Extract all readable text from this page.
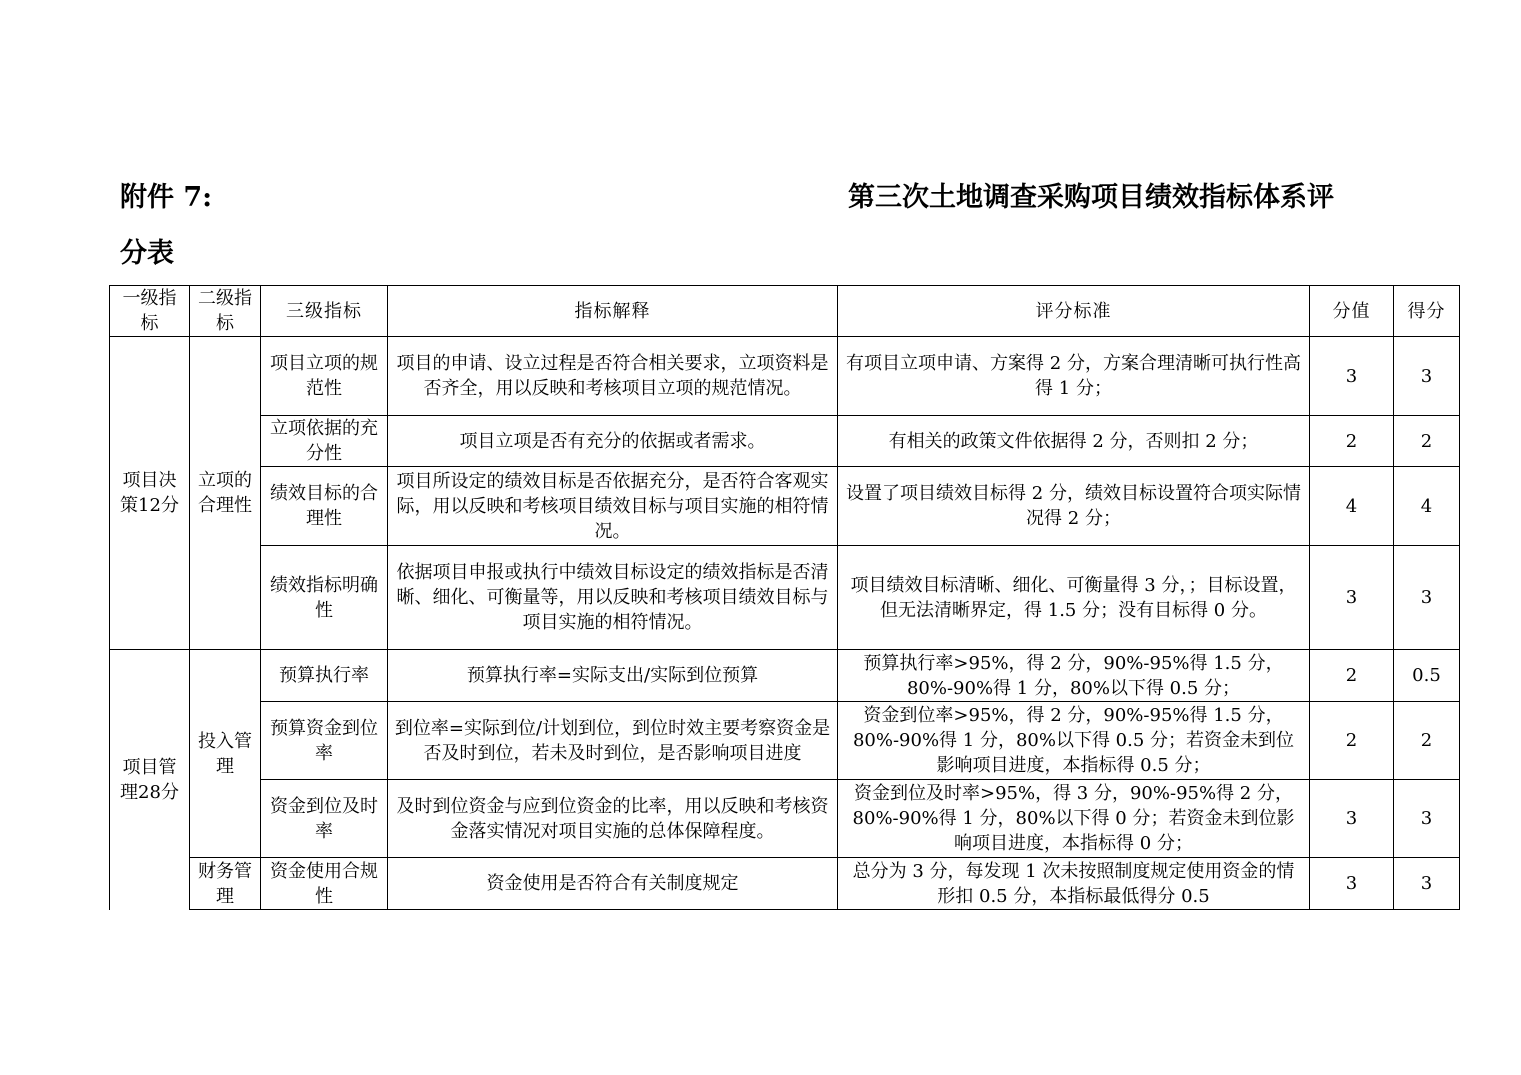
附件 7:	第三次土地调查采购项目绩效指标体系评
分表
一级指标	二级指标	三级指标	指标解释	评分标准	分值	得分
项目决策12分	立项的合理性	项目立项的规范性	项目的申请、设立过程是否符合相关要求，立项资料是否齐全，用以反映和考核项目立项的规范情况。	有项目立项申请、方案得 2 分，方案合理清晰可执行性高得 1 分；	3	3
		立项依据的充分性	项目立项是否有充分的依据或者需求。	有相关的政策文件依据得 2 分，否则扣 2 分；	2	2
		绩效目标的合理性	项目所设定的绩效目标是否依据充分，是否符合客观实际，用以反映和考核项目绩效目标与项目实施的相符情况。	设置了项目绩效目标得 2 分，绩效目标设置符合项实际情况得 2 分；	4	4
		绩效指标明确性	依据项目申报或执行中绩效目标设定的绩效指标是否清晰、细化、可衡量等，用以反映和考核项目绩效目标与项目实施的相符情况。	项目绩效目标清晰、细化、可衡量得 3 分，；目标设置，但无法清晰界定，得 1.5 分；没有目标得 0 分。	3	3
项目管理28分	投入管理	预算执行率	预算执行率=实际支出/实际到位预算	预算执行率>95%，得 2 分，90%-95%得 1.5 分，80%-90%得 1 分，80%以下得 0.5 分；	2	0.5
		预算资金到位率	到位率=实际到位/计划到位，到位时效主要考察资金是否及时到位，若未及时到位，是否影响项目进度	资金到位率>95%，得 2 分，90%-95%得 1.5 分，80%-90%得 1 分，80%以下得 0.5 分；若资金未到位影响项目进度，本指标得 0.5 分；	2	2
		资金到位及时率	及时到位资金与应到位资金的比率，用以反映和考核资金落实情况对项目实施的总体保障程度。	资金到位及时率>95%，得 3 分，90%-95%得 2 分，80%-90%得 1 分，80%以下得 0 分；若资金未到位影响项目进度，本指标得 0 分；	3	3
	财务管理	资金使用合规性	资金使用是否符合有关制度规定	总分为 3 分，每发现 1 次未按照制度规定使用资金的情形扣 0.5 分，本指标最低得分 0.5	3	3
